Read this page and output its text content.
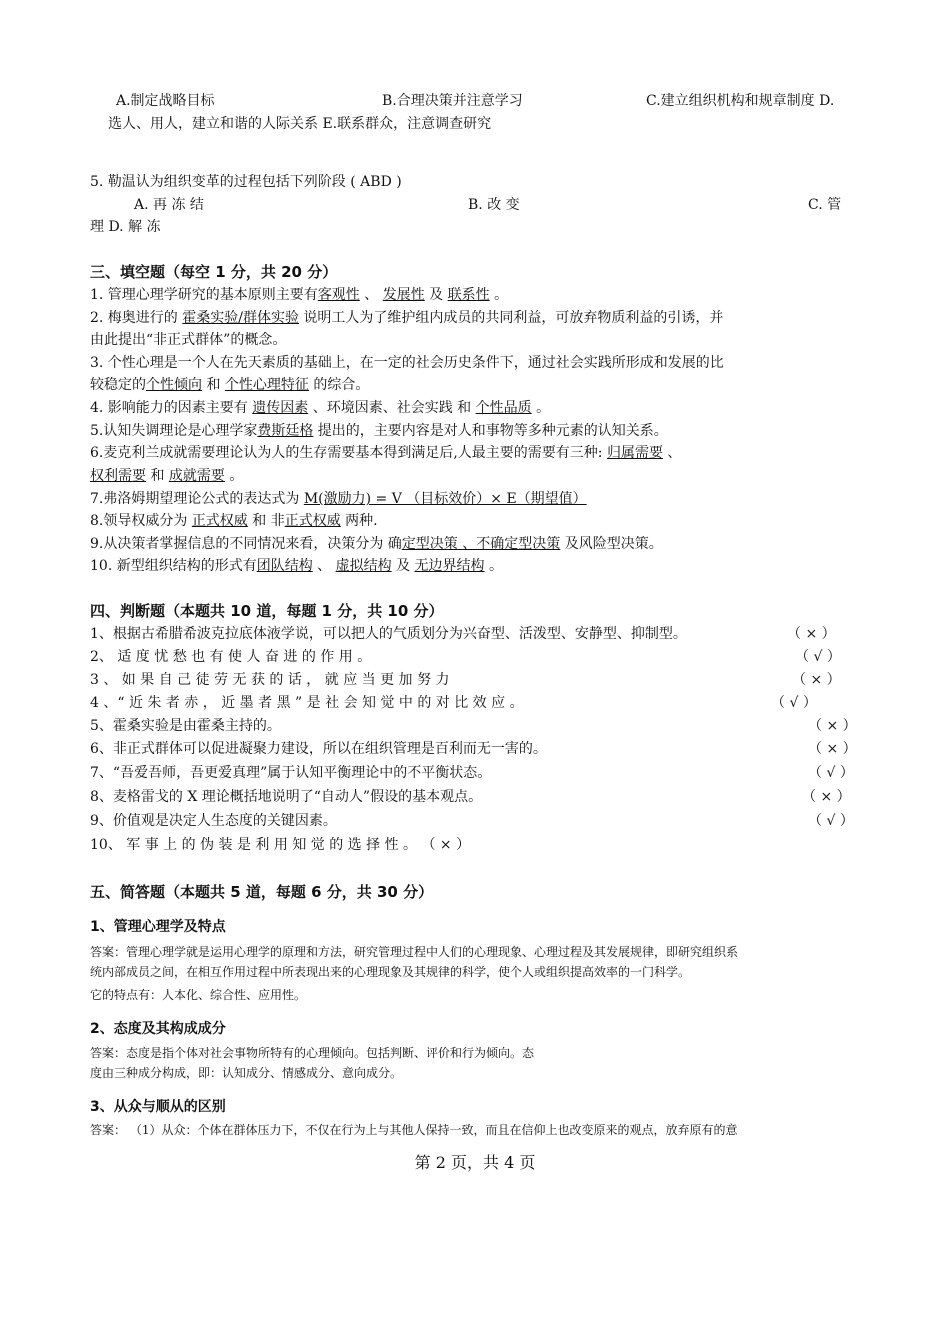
A.制定战略目标	B.合理决策并注意学习	C.建立组织机构和规章制度 D.
选人、用人，建立和谐的人际关系 E.联系群众，注意调查研究
5. 勒温认为组织变革的过程包括下列阶段 ( ABD )
A. 再 冻 结	B. 改 变	C. 管
理 D. 解 冻
三、填空题（每空 1 分，共 20 分）
1. 管理心理学研究的基本原则主要有客观性 、 发展性 及 联系性 。
2. 梅奥进行的 霍桑实验/群体实验 说明工人为了维护组内成员的共同利益，可放弃物质利益的引诱，并
由此提出“非正式群体”的概念。
3. 个性心理是一个人在先天素质的基础上，在一定的社会历史条件下，通过社会实践所形成和发展的比
较稳定的个性倾向 和 个性心理特征 的综合。
4. 影响能力的因素主要有 遗传因素 、环境因素、社会实践 和 个性品质 。
5.认知失调理论是心理学家费斯廷格 提出的，主要内容是对人和事物等多种元素的认知关系。
6.麦克利兰成就需要理论认为人的生存需要基本得到满足后,人最主要的需要有三种: 归属需要 、
权利需要 和 成就需要 。
7.弗洛姆期望理论公式的表达式为 M(激励力) = V （目标效价）× E（期望值）
8.领导权威分为 正式权威 和 非正式权威 两种.
9.从决策者掌握信息的不同情况来看，决策分为 确定型决策 、不确定型决策 及风险型决策。
10. 新型组织结构的形式有团队结构 、 虚拟结构 及 无边界结构 。
四、判断题（本题共 10 道，每题 1 分，共 10 分）
1、根据古希腊希波克拉底体液学说，可以把人的气质划分为兴奋型、活泼型、安静型、抑制型。	（ × ）
2、 适 度 忧 愁 也 有 使 人 奋 进 的 作 用 。	（ √ ）
3 、 如 果 自 己 徒 劳 无 获 的 话 ， 就 应 当 更 加 努 力	（ × ）
4 、“ 近 朱 者 赤 ， 近 墨 者 黑 ” 是 社 会 知 觉 中 的 对 比 效 应 。	（ √ ）
5、霍桑实验是由霍桑主持的。	（ × ）
6、非正式群体可以促进凝聚力建设，所以在组织管理是百利而无一害的。	（ × ）
7、“吾爱吾师，吾更爱真理”属于认知平衡理论中的不平衡状态。	（ √ ）
8、麦格雷戈的 X 理论概括地说明了“自动人”假设的基本观点。	（ × ）
9、价值观是决定人生态度的关键因素。	（ √ ）
10、 军 事 上 的 伪 装 是 利 用 知 觉 的 选 择 性 。 （ × ）
五、简答题（本题共 5 道，每题 6 分，共 30 分）
1、管理心理学及特点
答案：管理心理学就是运用心理学的原理和方法，研究管理过程中人们的心理现象、心理过程及其发展规律，即研究组织系
统内部成员之间，在相互作用过程中所表现出来的心理现象及其规律的科学，使个人或组织提高效率的一门科学。
它的特点有：人本化、综合性、应用性。
2、态度及其构成成分
答案：态度是指个体对社会事物所特有的心理倾向。包括判断、评价和行为倾向。态
度由三种成分构成，即：认知成分、情感成分、意向成分。
3、从众与顺从的区别
答案： （1）从众：个体在群体压力下，不仅在行为上与其他人保持一致，而且在信仰上也改变原来的观点，放弃原有的意
第 2 页，共 4 页
